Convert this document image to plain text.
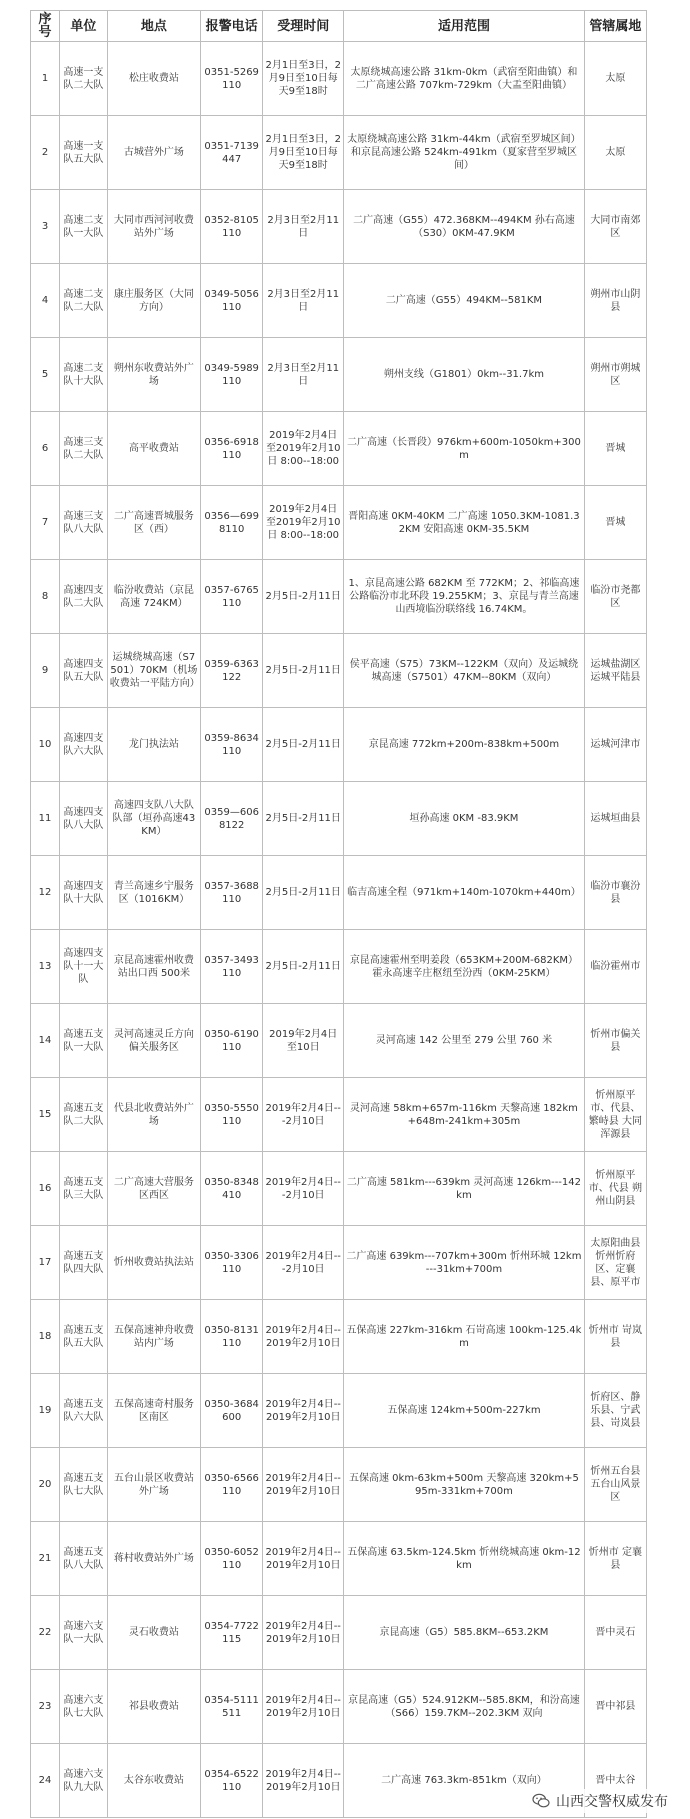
序号	单位	地点	报警电话	受理时间	适用范围	管辖属地
1	高速一支队二大队	松庄收费站	0351-5269110	2月1日至3日，2月9日至10日每天9至18时	太原绕城高速公路 31km-0km（武宿至阳曲镇）和二广高速公路 707km-729km（大盂至阳曲镇）	太原
2	高速一支队五大队	古城营外广场	0351-7139447	2月1日至3日，2月9日至10日每天9至18时	太原绕城高速公路 31km-44km（武宿至罗城区间）和京昆高速公路 524km-491km（夏家营至罗城区间）	太原
3	高速二支队一大队	大同市西河河收费站外广场	0352-8105110	2月3日至2月11日	二广高速（G55）472.368KM--494KM 孙右高速（S30）0KM-47.9KM	大同市南郊区
4	高速二支队二大队	康庄服务区（大同方向）	0349-5056110	2月3日至2月11日	二广高速（G55）494KM--581KM	朔州市山阴县
5	高速二支队十大队	朔州东收费站外广场	0349-5989110	2月3日至2月11日	朔州支线（G1801）0km--31.7km	朔州市朔城区
6	高速三支队二大队	高平收费站	0356-6918110	2019年2月4日至2019年2月10日 8:00--18:00	二广高速（长晋段）976km+600m-1050km+300m	晋城
7	高速三支队八大队	二广高速晋城服务区（西）	0356—6998110	2019年2月4日至2019年2月10日 8:00--18:00	晋阳高速 0KM-40KM 二广高速 1050.3KM-1081.32KM 安阳高速 0KM-35.5KM	晋城
8	高速四支队二大队	临汾收费站（京昆高速 724KM）	0357-6765110	2月5日-2月11日	1、京昆高速公路 682KM 至 772KM；2、祁临高速公路临汾市北环段 19.255KM；3、京昆与青兰高速山西境临汾联络线 16.74KM。	临汾市尧都区
9	高速四支队五大队	运城绕城高速（S7501）70KM（机场收费站一平陆方向）	0359-6363122	2月5日-2月11日	侯平高速（S75）73KM--122KM（双向）及运城绕城高速（S7501）47KM--80KM（双向）	运城盐湖区 运城平陆县
10	高速四支队六大队	龙门执法站	0359-8634110	2月5日-2月11日	京昆高速 772km+200m-838km+500m	运城河津市
11	高速四支队八大队	高速四支队八大队队部（垣孙高速43KM）	0359—6068122	2月5日-2月11日	垣孙高速 0KM -83.9KM	运城垣曲县
12	高速四支队十大队	青兰高速乡宁服务区（1016KM）	0357-3688110	2月5日-2月11日	临吉高速全程（971km+140m-1070km+440m）	临汾市襄汾县
13	高速四支队十一大队	京昆高速霍州收费站出口西 500米	0357-3493110	2月5日-2月11日	京昆高速霍州至明姜段（653KM+200M-682KM）霍永高速辛庄枢纽至汾西（0KM-25KM）	临汾霍州市
14	高速五支队一大队	灵河高速灵丘方向偏关服务区	0350-6190110	2019年2月4日至10日	灵河高速 142 公里至 279 公里 760 米	忻州市偏关县
15	高速五支队二大队	代县北收费站外广场	0350-5550110	2019年2月4日---2月10日	灵河高速 58km+657m-116km 天黎高速 182km+648m-241km+305m	忻州原平市、代县、繁峙县 大同浑源县
16	高速五支队三大队	二广高速大营服务区西区	0350-8348410	2019年2月4日---2月10日	二广高速 581km---639km 灵河高速 126km---142km	忻州原平市、代县 朔州山阴县
17	高速五支队四大队	忻州收费站执法站	0350-3306110	2019年2月4日---2月10日	二广高速 639km---707km+300m 忻州环城 12km---31km+700m	太原阳曲县 忻州忻府区、定襄县、原平市
18	高速五支队五大队	五保高速神舟收费站内广场	0350-8131110	2019年2月4日--2019年2月10日	五保高速 227km-316km 石岢高速 100km-125.4km	忻州市 岢岚县
19	高速五支队六大队	五保高速奇村服务区南区	0350-3684600	2019年2月4日--2019年2月10日	五保高速 124km+500m-227km	忻府区、静乐县、宁武县、岢岚县
20	高速五支队七大队	五台山景区收费站外广场	0350-6566110	2019年2月4日--2019年2月10日	五保高速 0km-63km+500m 天黎高速 320km+595m-331km+700m	忻州五台县 五台山风景区
21	高速五支队八大队	蒋村收费站外广场	0350-6052110	2019年2月4日--2019年2月10日	五保高速 63.5km-124.5km 忻州绕城高速 0km-12km	忻州市 定襄县
22	高速六支队一大队	灵石收费站	0354-7722115	2019年2月4日--2019年2月10日	京昆高速（G5）585.8KM--653.2KM	晋中灵石
23	高速六支队七大队	祁县收费站	0354-5111511	2019年2月4日--2019年2月10日	京昆高速（G5）524.912KM--585.8KM，和汾高速（S66）159.7KM--202.3KM 双向	晋中祁县
24	高速六支队九大队	太谷东收费站	0354-6522110	2019年2月4日--2019年2月10日	二广高速 763.3km-851km（双向）	晋中太谷
山西交警权威发布
